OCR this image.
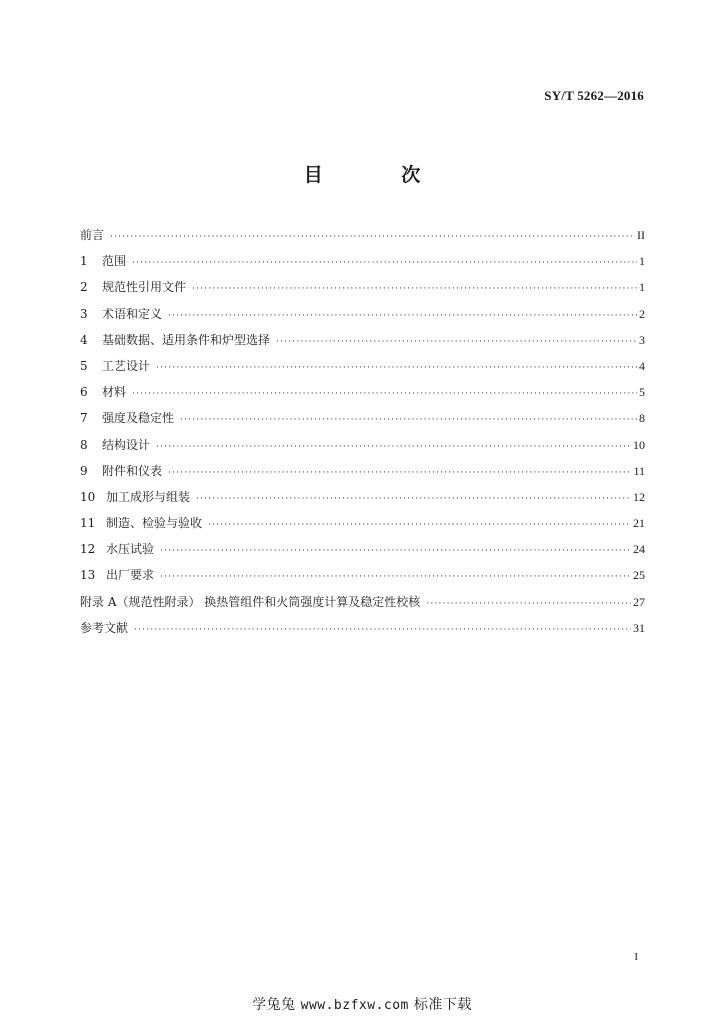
SY/T 5262—2016
目 次
前言 ·····	II
1	范围 ·····	1
2	规范性引用文件 ·····	1
3	术语和定义 ·····	2
4	基础数据、适用条件和炉型选择 ·····	3
5	工艺设计 ·····	4
6	材料 ·····	5
7	强度及稳定性 ·····	8
8	结构设计 ·····	10
9	附件和仪表 ·····	11
10 加工成形与组装 ·····	12
11 制造、检验与验收 ·····	21
12 水压试验 ·····	24
13 出厂要求 ·····	25
附录 A（规范性附录） 换热管组件和火筒强度计算及稳定性校核 ·····	27
参考文献 ·····	31
I
学兔兔 www.bzfxw.com 标准下载
